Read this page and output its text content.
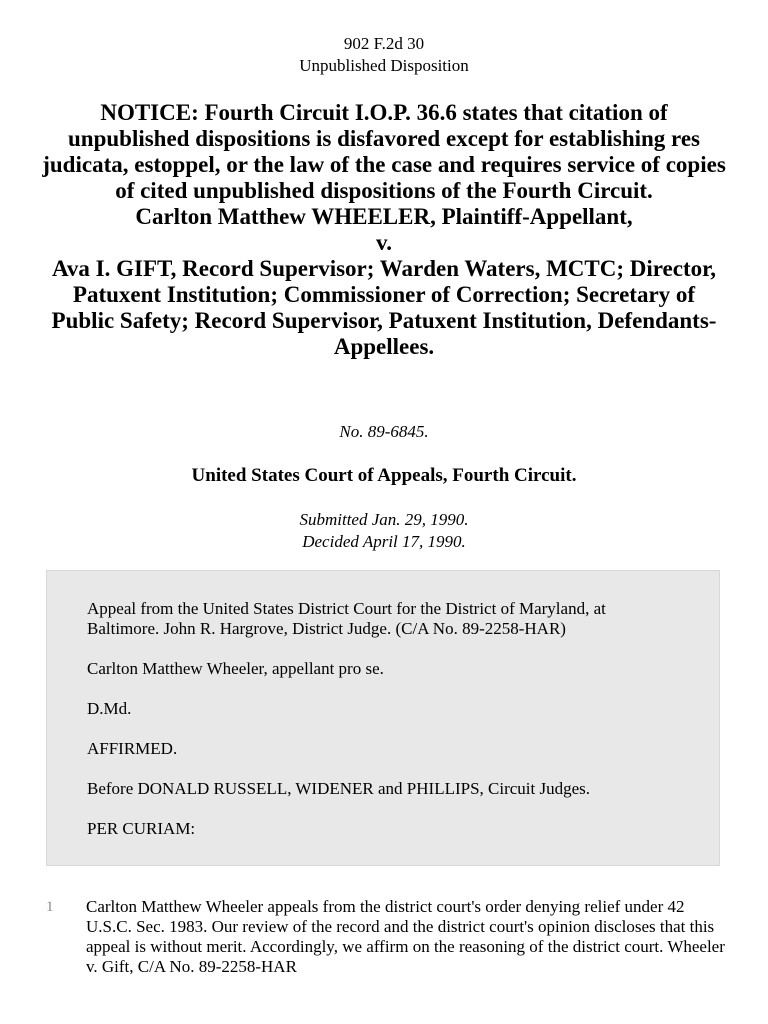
902 F.2d 30
Unpublished Disposition
NOTICE: Fourth Circuit I.O.P. 36.6 states that citation of unpublished dispositions is disfavored except for establishing res judicata, estoppel, or the law of the case and requires service of copies of cited unpublished dispositions of the Fourth Circuit.
Carlton Matthew WHEELER, Plaintiff-Appellant,
v.
Ava I. GIFT, Record Supervisor; Warden Waters, MCTC; Director, Patuxent Institution; Commissioner of Correction; Secretary of Public Safety; Record Supervisor, Patuxent Institution, Defendants-Appellees.
No. 89-6845.
United States Court of Appeals, Fourth Circuit.
Submitted Jan. 29, 1990.
Decided April 17, 1990.

Appeal from the United States District Court for the District of Maryland, at Baltimore. John R. Hargrove, District Judge. (C/A No. 89-2258-HAR)

Carlton Matthew Wheeler, appellant pro se.

D.Md.

AFFIRMED.

Before DONALD RUSSELL, WIDENER and PHILLIPS, Circuit Judges.

PER CURIAM:

1 Carlton Matthew Wheeler appeals from the district court's order denying relief under 42 U.S.C. Sec. 1983. Our review of the record and the district court's opinion discloses that this appeal is without merit. Accordingly, we affirm on the reasoning of the district court. Wheeler v. Gift, C/A No. 89-2258-HAR
